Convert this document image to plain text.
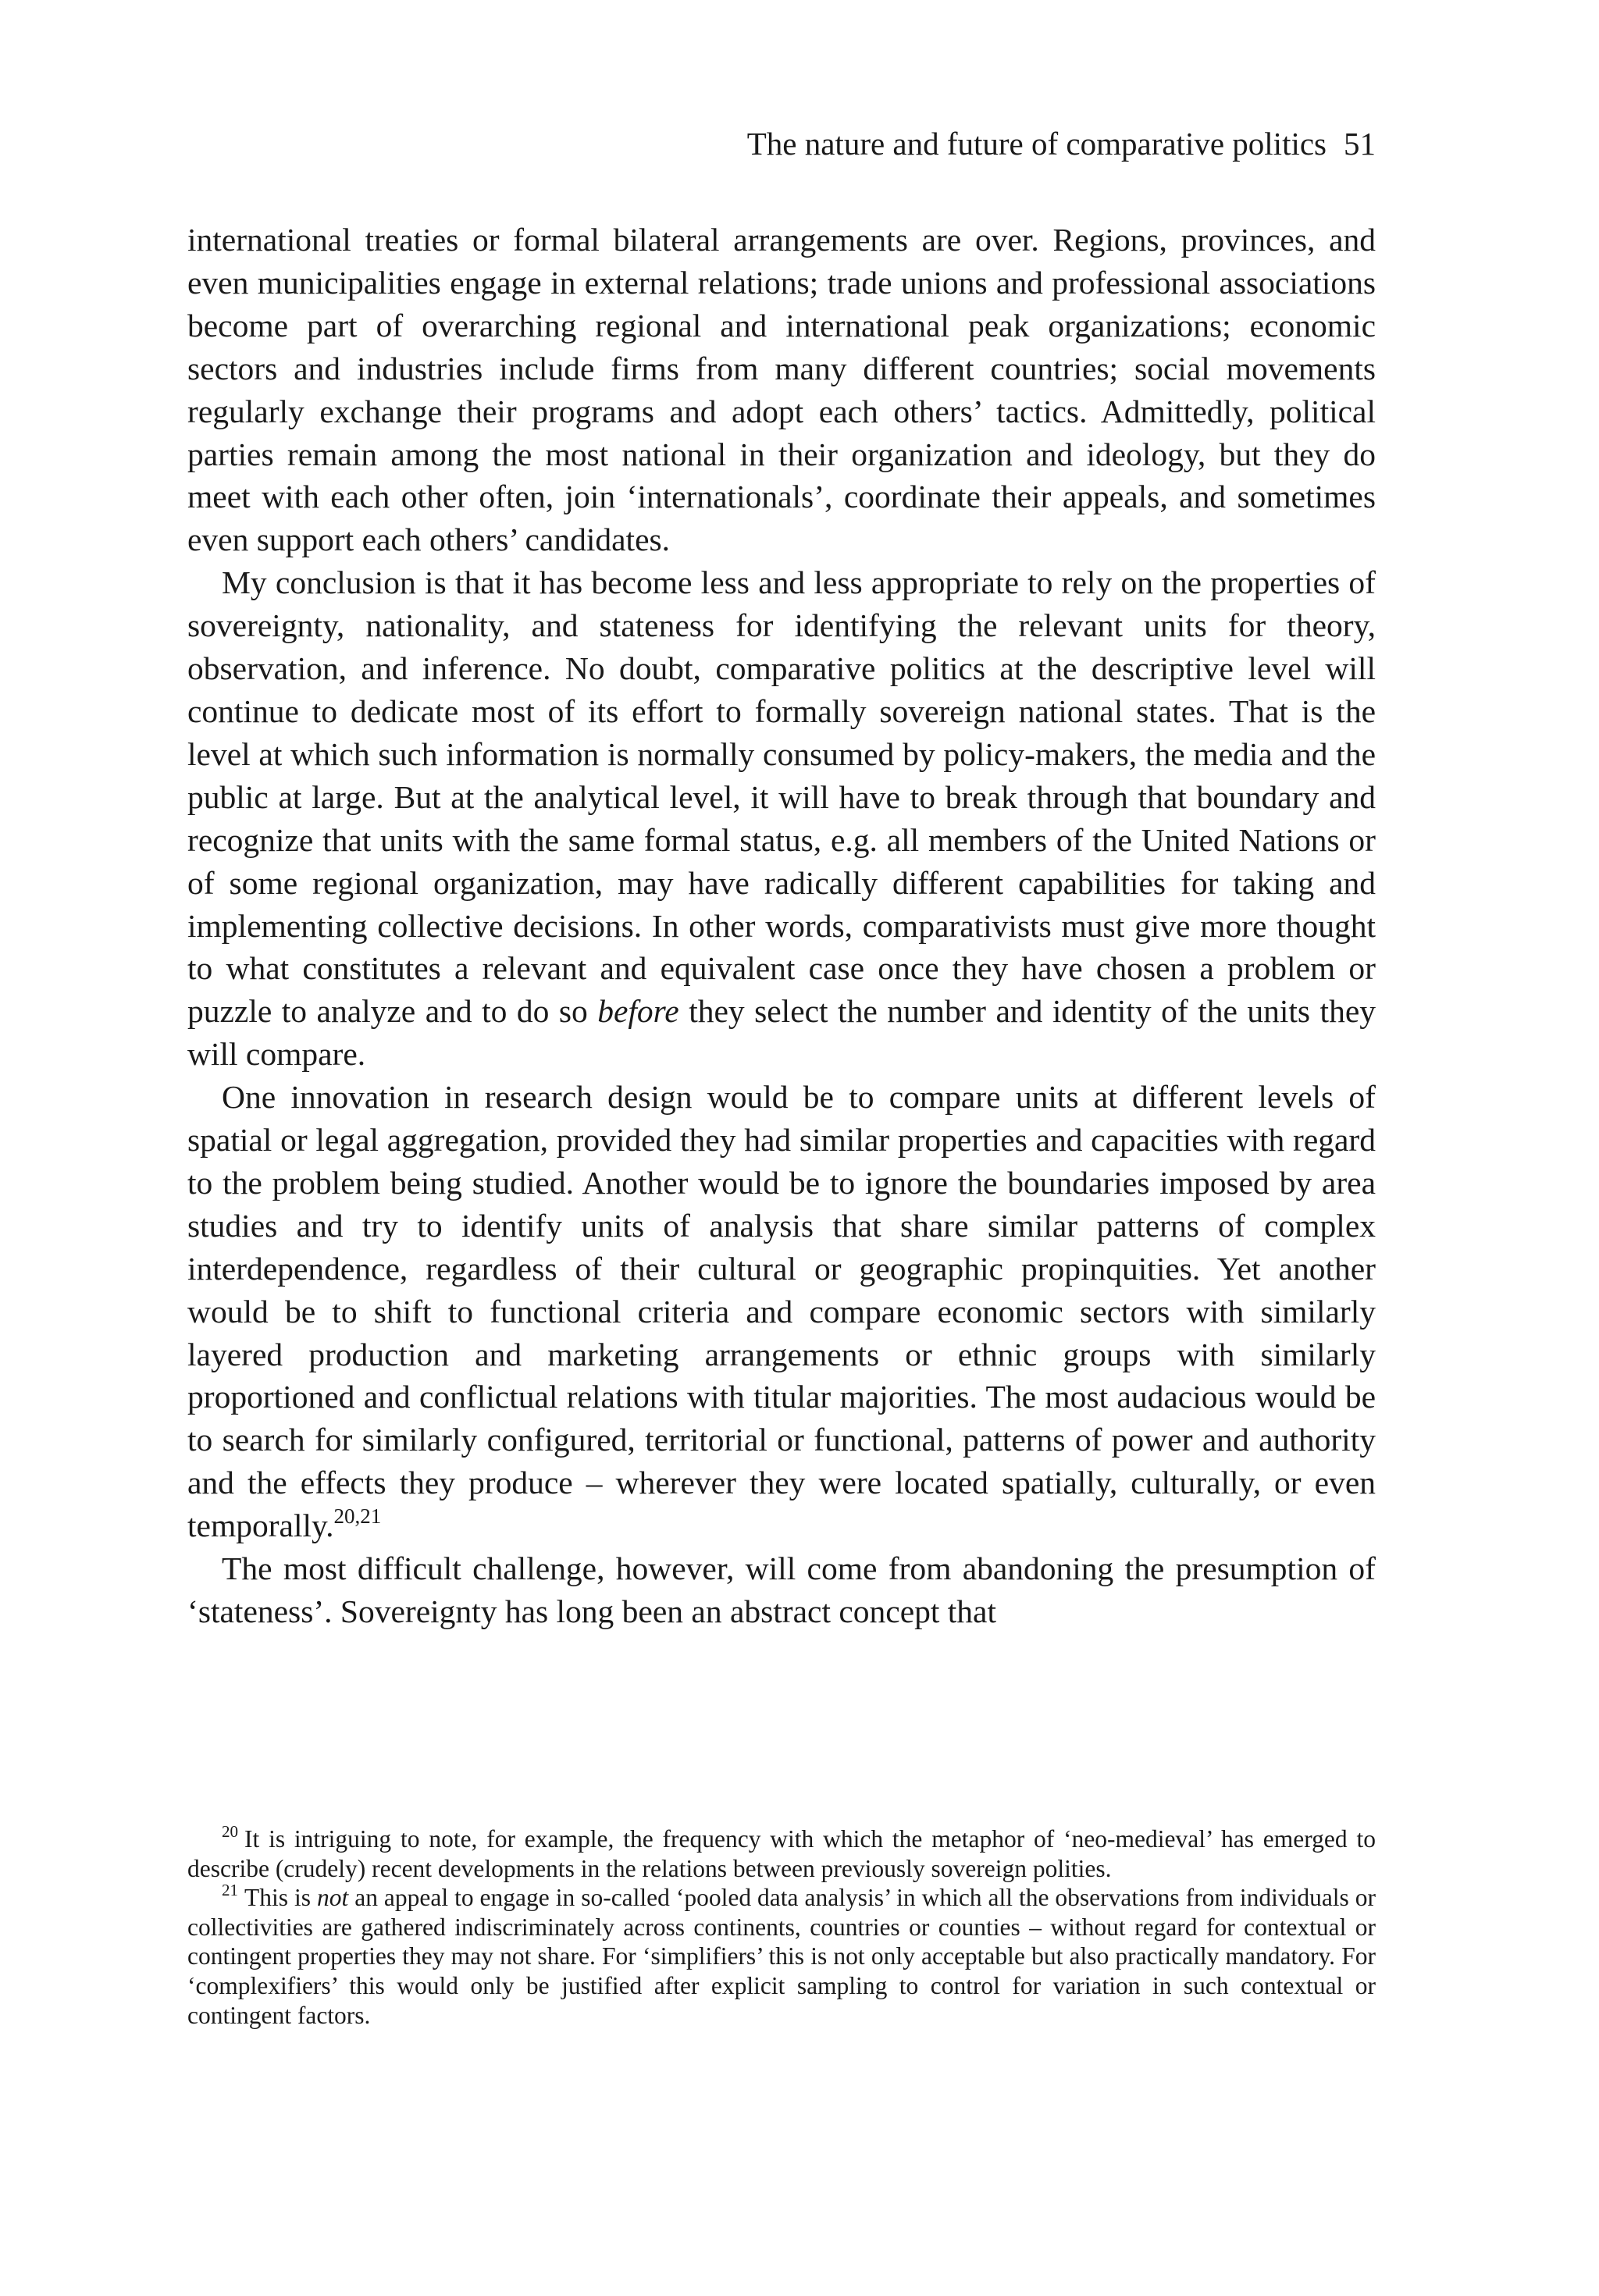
The nature and future of comparative politics 51

international treaties or formal bilateral arrangements are over. Regions, provinces, and even municipalities engage in external relations; trade unions and professional associations become part of overarching regional and international peak organizations; economic sectors and industries include firms from many different countries; social movements regularly exchange their programs and adopt each others’ tactics. Admittedly, political parties remain among the most national in their organization and ideology, but they do meet with each other often, join ‘internationals’, coordinate their appeals, and sometimes even support each others’ candidates.

My conclusion is that it has become less and less appropriate to rely on the properties of sovereignty, nationality, and stateness for identifying the relevant units for theory, observation, and inference. No doubt, comparative politics at the descriptive level will continue to dedicate most of its effort to formally sovereign national states. That is the level at which such information is normally consumed by policy-makers, the media and the public at large. But at the analytical level, it will have to break through that boundary and recognize that units with the same formal status, e.g. all members of the United Nations or of some regional organization, may have radically different capabilities for taking and implementing collective decisions. In other words, comparativists must give more thought to what constitutes a relevant and equivalent case once they have chosen a problem or puzzle to analyze and to do so before they select the number and identity of the units they will compare.

One innovation in research design would be to compare units at different levels of spatial or legal aggregation, provided they had similar properties and capacities with regard to the problem being studied. Another would be to ignore the boundaries imposed by area studies and try to identify units of analysis that share similar patterns of complex interdependence, regardless of their cultural or geographic propinquities. Yet another would be to shift to functional criteria and compare economic sectors with similarly layered production and marketing arrangements or ethnic groups with similarly proportioned and conflictual relations with titular majorities. The most audacious would be to search for similarly configured, territorial or functional, patterns of power and authority and the effects they produce – wherever they were located spatially, culturally, or even temporally.$^{20,21}$

The most difficult challenge, however, will come from abandoning the presumption of ‘stateness’. Sovereignty has long been an abstract concept that

$^{20}$ It is intriguing to note, for example, the frequency with which the metaphor of ‘neo-medieval’ has emerged to describe (crudely) recent developments in the relations between previously sovereign polities.

$^{21}$ This is not an appeal to engage in so-called ‘pooled data analysis’ in which all the observations from individuals or collectivities are gathered indiscriminately across continents, countries or counties – without regard for contextual or contingent properties they may not share. For ‘simplifiers’ this is not only acceptable but also practically mandatory. For ‘complexifiers’ this would only be justified after explicit sampling to control for variation in such contextual or contingent factors.
